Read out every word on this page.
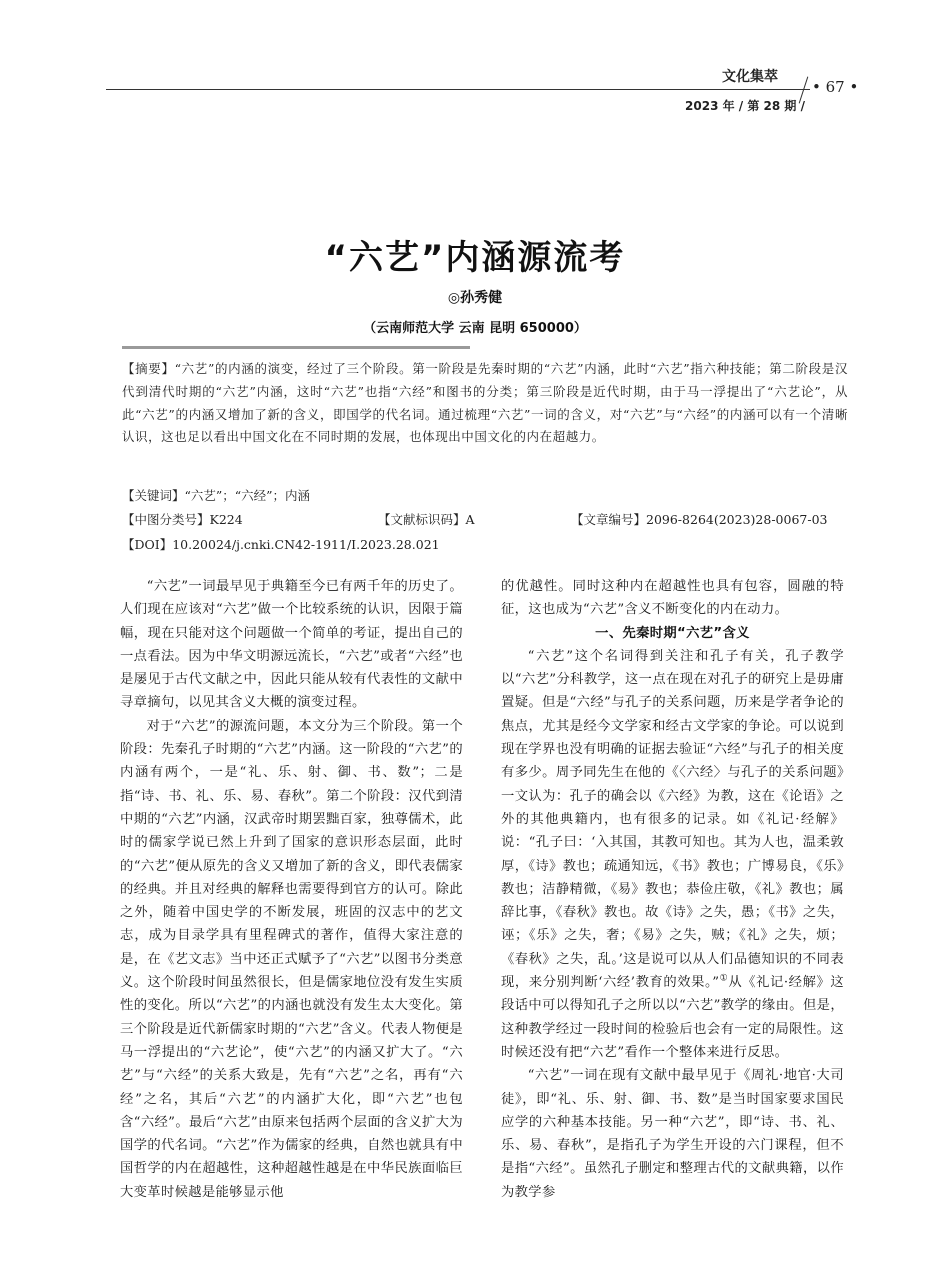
文化集萃
• 67 •
2023 年 / 第 28 期 /
“六艺”内涵源流考
◎孙秀健
（云南师范大学 云南 昆明 650000）
【摘要】“六艺”的内涵的演变，经过了三个阶段。第一阶段是先秦时期的“六艺”内涵，此时“六艺”指六种技能；第二阶段是汉代到清代时期的“六艺”内涵，这时“六艺”也指“六经”和图书的分类；第三阶段是近代时期，由于马一浮提出了“六艺论”，从此“六艺”的内涵又增加了新的含义，即国学的代名词。通过梳理“六艺”一词的含义，对“六艺”与“六经”的内涵可以有一个清晰认识，这也足以看出中国文化在不同时期的发展，也体现出中国文化的内在超越力。
【关键词】“六艺”；“六经”；内涵
【中图分类号】K224	【文献标识码】A	【文章编号】2096-8264(2023)28-0067-03
【DOI】10.20024/j.cnki.CN42-1911/I.2023.28.021

“六艺”一词最早见于典籍至今已有两千年的历史了。人们现在应该对“六艺”做一个比较系统的认识，因限于篇幅，现在只能对这个问题做一个简单的考证，提出自己的一点看法。因为中华文明源远流长，“六艺”或者“六经”也是屡见于古代文献之中，因此只能从较有代表性的文献中寻章摘句，以见其含义大概的演变过程。

对于“六艺”的源流问题，本文分为三个阶段。第一个阶段：先秦孔子时期的“六艺”内涵。这一阶段的“六艺”的内涵有两个，一是“礼、乐、射、御、书、数”；二是指“诗、书、礼、乐、易、春秋”。第二个阶段：汉代到清中期的“六艺”内涵，汉武帝时期罢黜百家，独尊儒术，此时的儒家学说已然上升到了国家的意识形态层面，此时的“六艺”便从原先的含义又增加了新的含义，即代表儒家的经典。并且对经典的解释也需要得到官方的认可。除此之外，随着中国史学的不断发展，班固的汉志中的艺文志，成为目录学具有里程碑式的著作，值得大家注意的是，在《艺文志》当中还正式赋予了“六艺”以图书分类意义。这个阶段时间虽然很长，但是儒家地位没有发生实质性的变化。所以“六艺”的内涵也就没有发生太大变化。第三个阶段是近代新儒家时期的“六艺”含义。代表人物便是马一浮提出的“六艺论”，使“六艺”的内涵又扩大了。“六艺”与“六经”的关系大致是，先有“六艺”之名，再有“六经”之名，其后“六艺”的内涵扩大化，即“六艺”也包含“六经”。最后“六艺”由原来包括两个层面的含义扩大为国学的代名词。“六艺”作为儒家的经典，自然也就具有中国哲学的内在超越性，这种超越性越是在中华民族面临巨大变革时候越是能够显示他

的优越性。同时这种内在超越性也具有包容，圆融的特征，这也成为“六艺”含义不断变化的内在动力。

一、先秦时期“六艺”含义

“六艺”这个名词得到关注和孔子有关，孔子教学以“六艺”分科教学，这一点在现在对孔子的研究上是毋庸置疑。但是“六经”与孔子的关系问题，历来是学者争论的焦点，尤其是经今文学家和经古文学家的争论。可以说到现在学界也没有明确的证据去验证“六经”与孔子的相关度有多少。周予同先生在他的《〈六经〉与孔子的关系问题》一文认为：孔子的确会以《六经》为教，这在《论语》之外的其他典籍内，也有很多的记录。如《礼记·经解》说：“孔子曰：‘入其国，其教可知也。其为人也，温柔敦厚，《诗》教也；疏通知远，《书》教也；广博易良，《乐》教也；洁静精微，《易》教也；恭俭庄敬，《礼》教也；属辞比事，《春秋》教也。故《诗》之失，愚；《书》之失，诬；《乐》之失，奢；《易》之失，贼；《礼》之失，烦；《春秋》之失，乱。’这是说可以从人们品德知识的不同表现，来分别判断‘六经’教育的效果。”①从《礼记·经解》这段话中可以得知孔子之所以以“六艺”教学的缘由。但是，这种教学经过一段时间的检验后也会有一定的局限性。这时候还没有把“六艺”看作一个整体来进行反思。

“六艺”一词在现有文献中最早见于《周礼·地官·大司徒》，即“礼、乐、射、御、书、数”是当时国家要求国民应学的六种基本技能。另一种“六艺”，即“诗、书、礼、乐、易、春秋”，是指孔子为学生开设的六门课程，但不是指“六经”。虽然孔子删定和整理古代的文献典籍，以作为教学参
